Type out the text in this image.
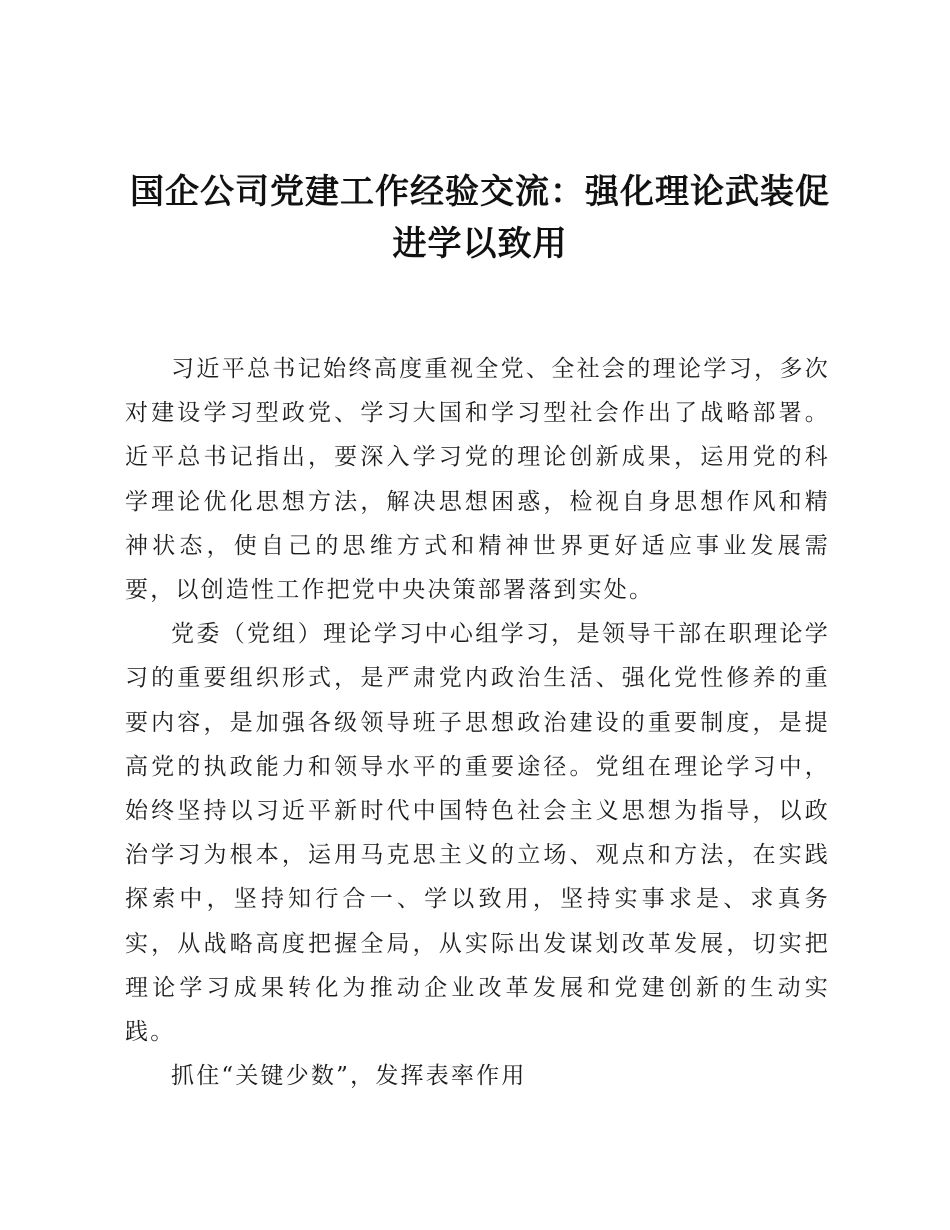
国企公司党建工作经验交流：强化理论武装促进学以致用

习近平总书记始终高度重视全党、全社会的理论学习，多次对建设学习型政党、学习大国和学习型社会作出了战略部署。近平总书记指出，要深入学习党的理论创新成果，运用党的科学理论优化思想方法，解决思想困惑，检视自身思想作风和精神状态，使自己的思维方式和精神世界更好适应事业发展需要，以创造性工作把党中央决策部署落到实处。

党委（党组）理论学习中心组学习，是领导干部在职理论学习的重要组织形式，是严肃党内政治生活、强化党性修养的重要内容，是加强各级领导班子思想政治建设的重要制度，是提高党的执政能力和领导水平的重要途径。党组在理论学习中，始终坚持以习近平新时代中国特色社会主义思想为指导，以政治学习为根本，运用马克思主义的立场、观点和方法，在实践探索中，坚持知行合一、学以致用，坚持实事求是、求真务实，从战略高度把握全局，从实际出发谋划改革发展，切实把理论学习成果转化为推动企业改革发展和党建创新的生动实践。

抓住“关键少数”，发挥表率作用
